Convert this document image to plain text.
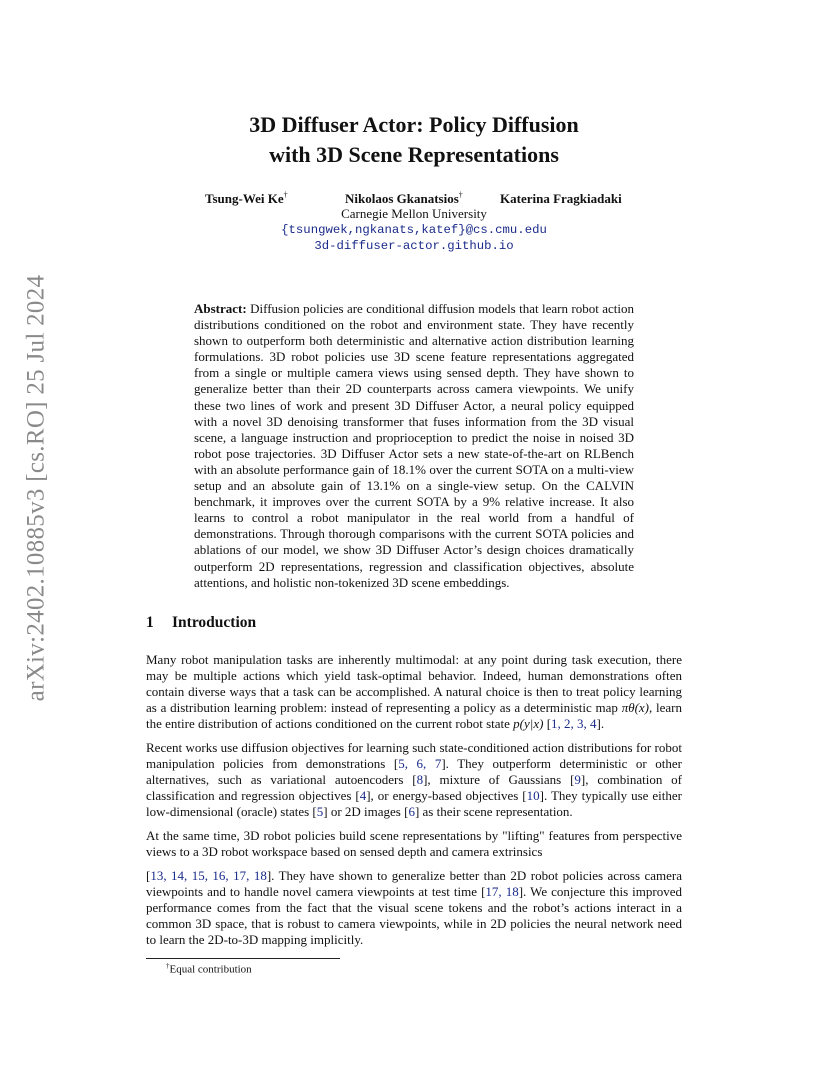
arXiv:2402.10885v3 [cs.RO] 25 Jul 2024
3D Diffuser Actor: Policy Diffusion
with 3D Scene Representations
Tsung-Wei Ke†	Nikolaos Gkanatsios†	Katerina Fragkiadaki
Carnegie Mellon University
{tsungwek,ngkanats,katef}@cs.cmu.edu
3d-diffuser-actor.github.io
Abstract: Diffusion policies are conditional diffusion models that learn robot action distributions conditioned on the robot and environment state. They have recently shown to outperform both deterministic and alternative action distribution learning formulations. 3D robot policies use 3D scene feature representations aggregated from a single or multiple camera views using sensed depth. They have shown to generalize better than their 2D counterparts across camera viewpoints. We unify these two lines of work and present 3D Diffuser Actor, a neural policy equipped with a novel 3D denoising transformer that fuses information from the 3D visual scene, a language instruction and proprioception to predict the noise in noised 3D robot pose trajectories. 3D Diffuser Actor sets a new state-of-the-art on RLBench with an absolute performance gain of 18.1% over the current SOTA on a multi-view setup and an absolute gain of 13.1% on a single-view setup. On the CALVIN benchmark, it improves over the current SOTA by a 9% relative increase. It also learns to control a robot manipulator in the real world from a handful of demonstrations. Through thorough comparisons with the current SOTA policies and ablations of our model, we show 3D Diffuser Actor’s design choices dramatically outperform 2D representations, regression and classification objectives, absolute attentions, and holistic non-tokenized 3D scene embeddings.
1 Introduction

Many robot manipulation tasks are inherently multimodal: at any point during task execution, there may be multiple actions which yield task-optimal behavior. Indeed, human demonstrations often contain diverse ways that a task can be accomplished. A natural choice is then to treat policy learning as a distribution learning problem: instead of representing a policy as a deterministic map πθ(x), learn the entire distribution of actions conditioned on the current robot state p(y|x) [1, 2, 3, 4].

Recent works use diffusion objectives for learning such state-conditioned action distributions for robot manipulation policies from demonstrations [5, 6, 7]. They outperform deterministic or other alternatives, such as variational autoencoders [8], mixture of Gaussians [9], combination of classification and regression objectives [4], or energy-based objectives [10]. They typically use either low-dimensional (oracle) states [5] or 2D images [6] as their scene representation.

At the same time, 3D robot policies build scene representations by "lifting" features from perspective views to a 3D robot workspace based on sensed depth and camera extrinsics

[13, 14, 15, 16, 17, 18]. They have shown to generalize better than 2D robot policies across camera viewpoints and to handle novel camera viewpoints at test time [17, 18]. We conjecture this improved performance comes from the fact that the visual scene tokens and the robot’s actions interact in a common 3D space, that is robust to camera viewpoints, while in 2D policies the neural network need to learn the 2D-to-3D mapping implicitly.

†Equal contribution
